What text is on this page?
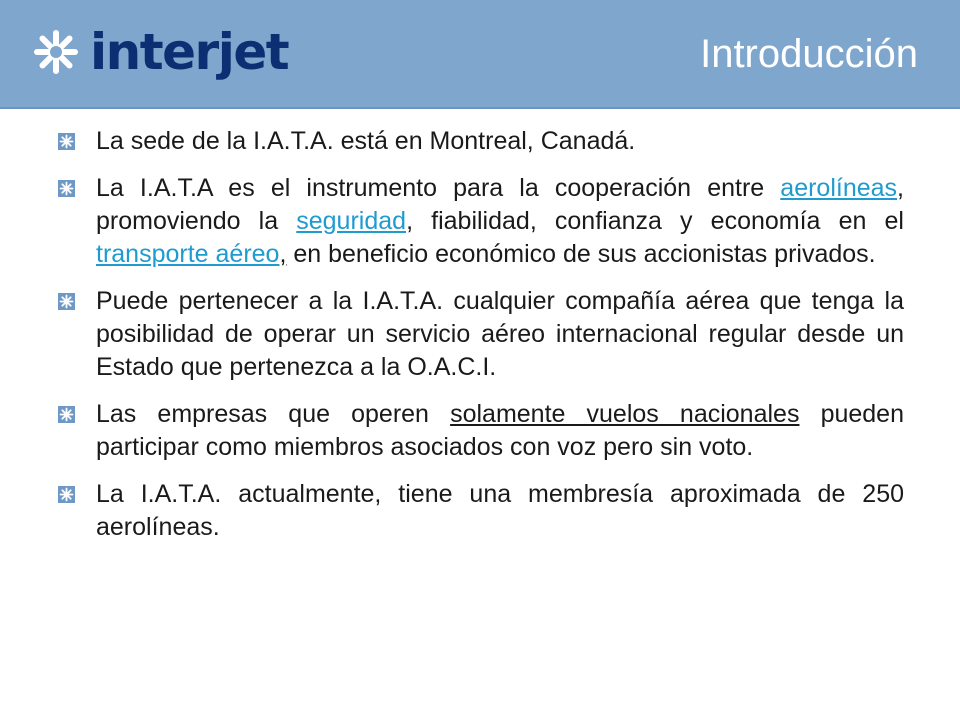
interjet	Introducción
La sede de la I.A.T.A. está en Montreal, Canadá.
La I.A.T.A es el instrumento para la cooperación entre aerolíneas, promoviendo la seguridad, fiabilidad, confianza y economía en el transporte aéreo, en beneficio económico de sus accionistas privados.
Puede pertenecer a la I.A.T.A. cualquier compañía aérea que tenga la posibilidad de operar un servicio aéreo internacional regular desde un Estado que pertenezca a la O.A.C.I.
Las empresas que operen solamente vuelos nacionales pueden participar como miembros asociados con voz pero sin voto.
La I.A.T.A. actualmente, tiene una membresía aproximada de 250 aerolíneas.
